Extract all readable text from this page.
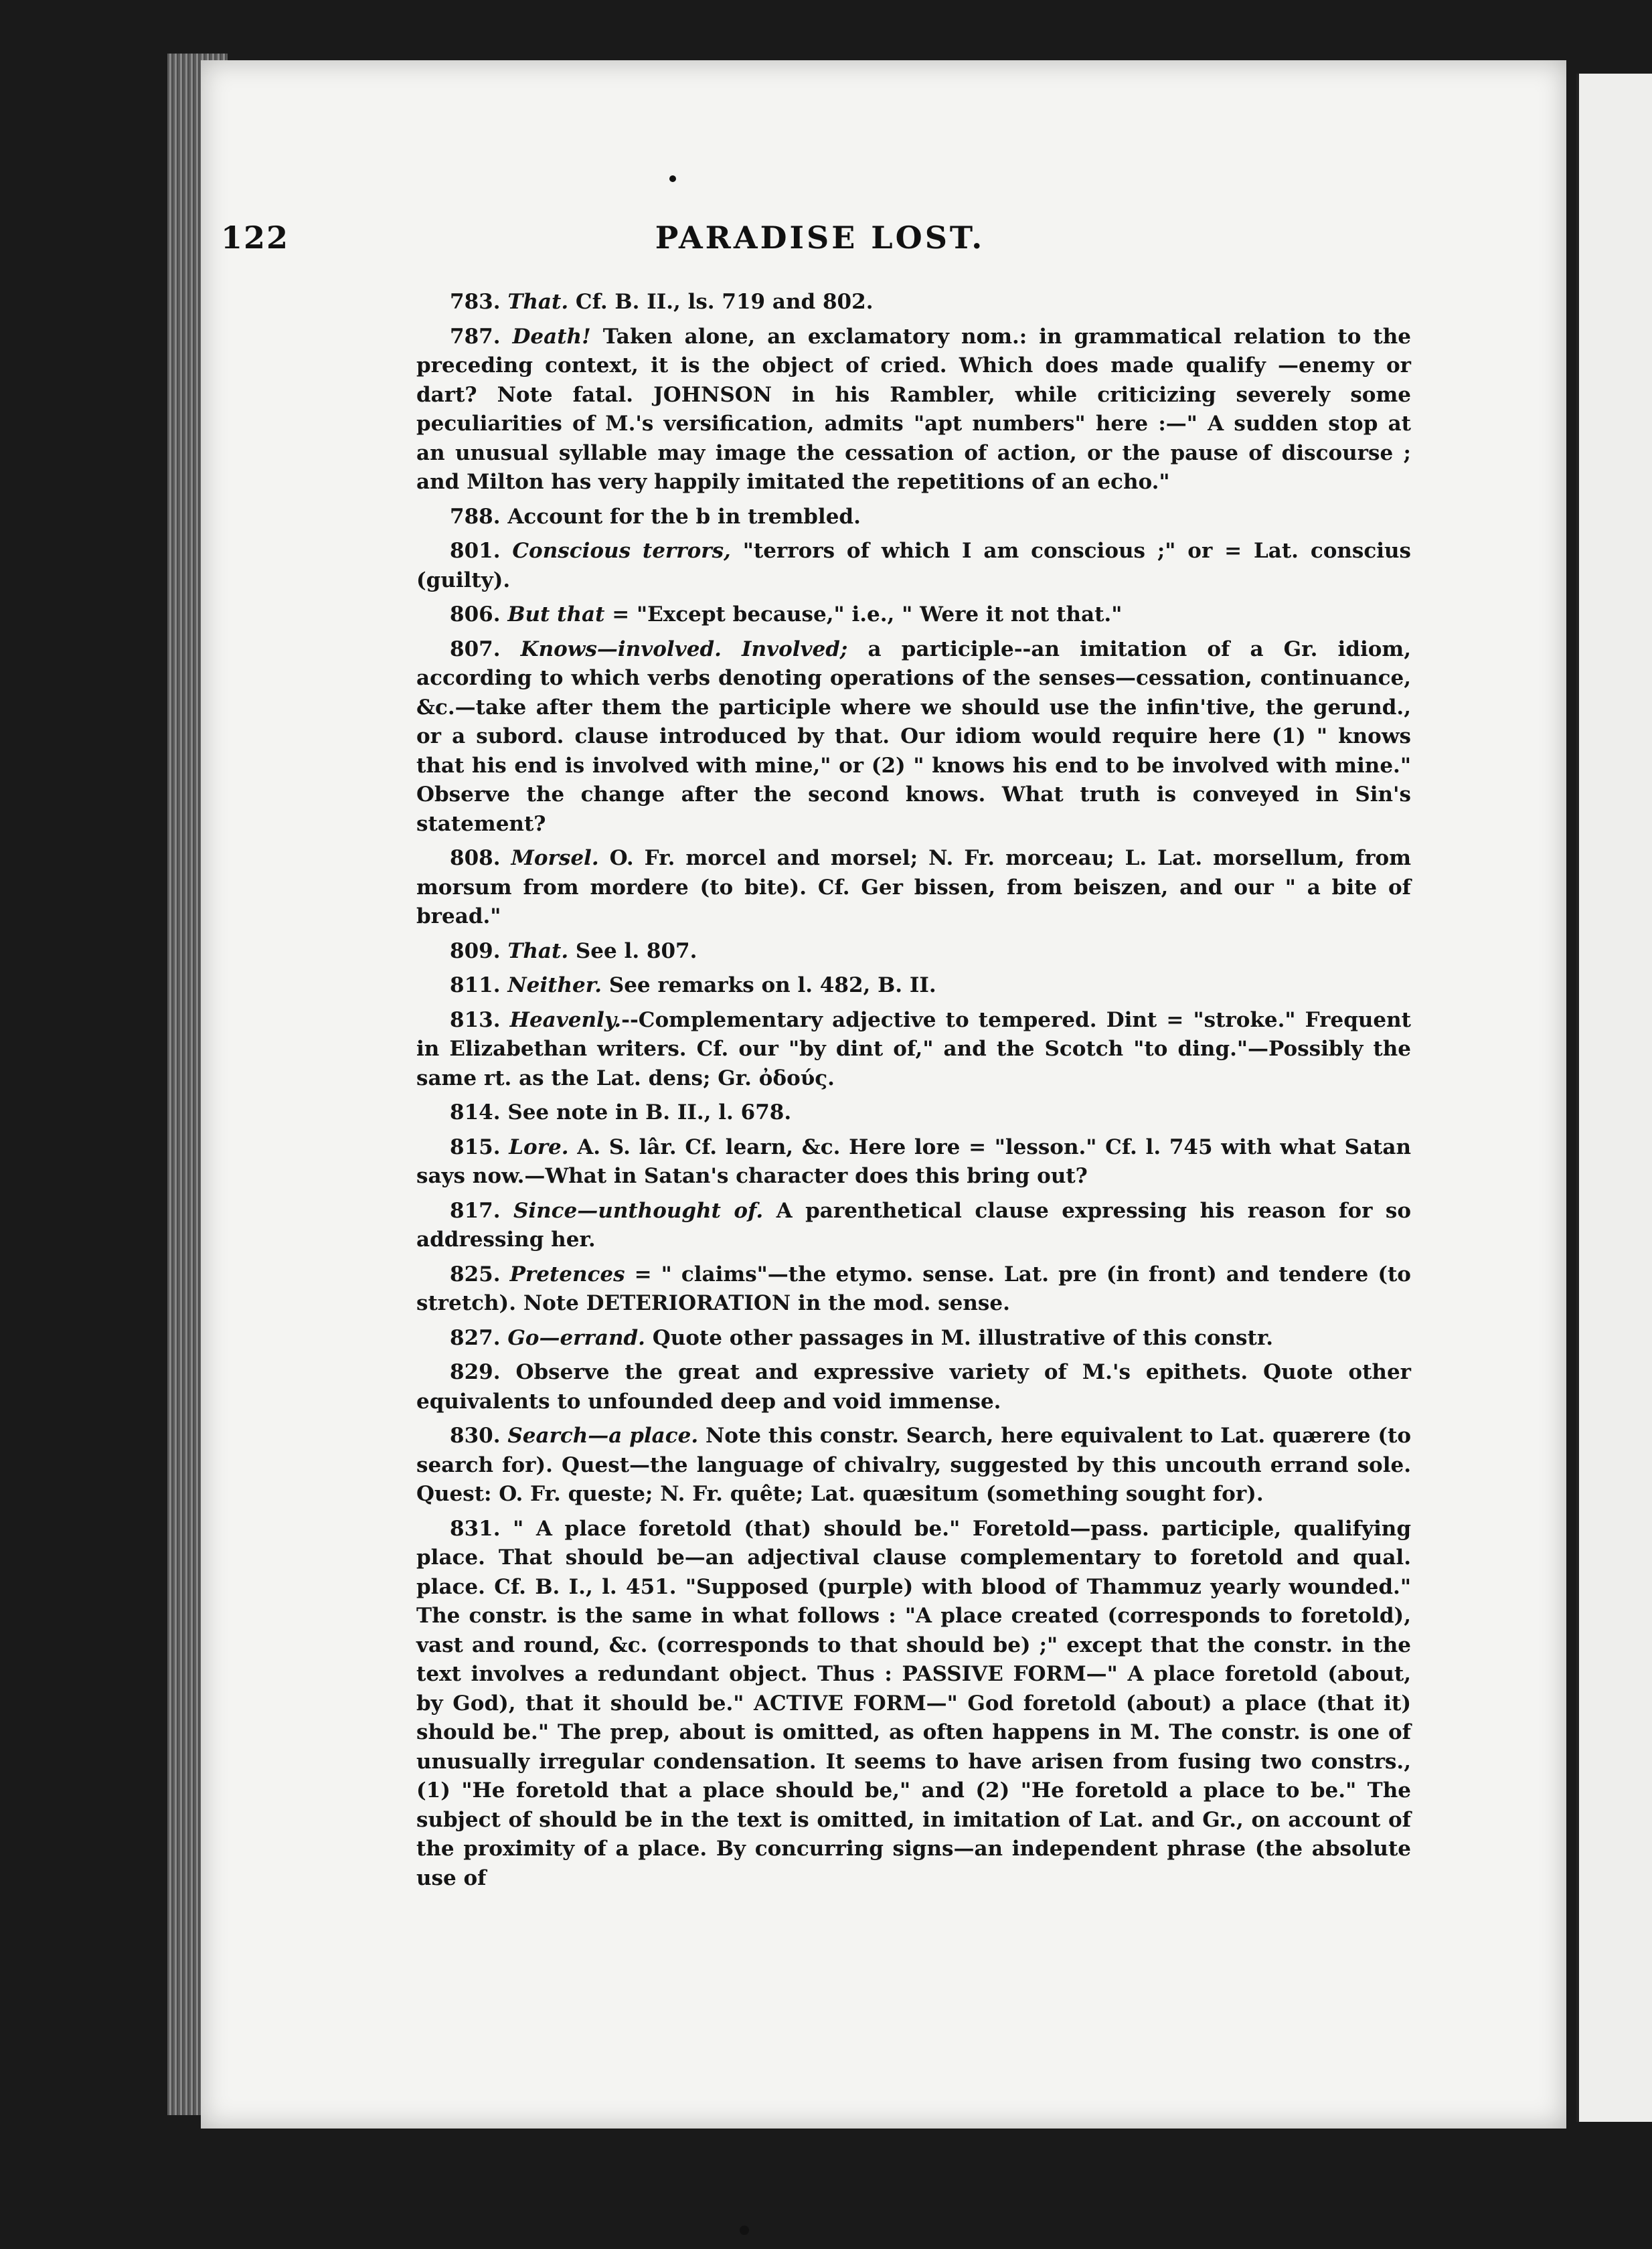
122	PARADISE LOST.

783. That. Cf. B. II., ls. 719 and 802.

787. Death! Taken alone, an exclamatory nom.: in grammatical relation to the preceding context, it is the object of cried. Which does made qualify —enemy or dart? Note fatal. JOHNSON in his Rambler, while criticizing severely some peculiarities of M.'s versification, admits "apt numbers" here :—" A sudden stop at an unusual syllable may image the cessation of action, or the pause of discourse ; and Milton has very happily imitated the repetitions of an echo."

788. Account for the b in trembled.

801. Conscious terrors, "terrors of which I am conscious ;" or = Lat. conscius (guilty).

806. But that = "Except because," i.e., " Were it not that."

807. Knows—involved. Involved; a participle--an imitation of a Gr. idiom, according to which verbs denoting operations of the senses—cessation, continuance, &c.—take after them the participle where we should use the infin'tive, the gerund., or a subord. clause introduced by that. Our idiom would require here (1) " knows that his end is involved with mine," or (2) " knows his end to be involved with mine." Observe the change after the second knows. What truth is conveyed in Sin's statement?

808. Morsel. O. Fr. morcel and morsel; N. Fr. morceau; L. Lat. morsellum, from morsum from mordere (to bite). Cf. Ger bissen, from beiszen, and our " a bite of bread."

809. That. See l. 807.

811. Neither. See remarks on l. 482, B. II.

813. Heavenly.--Complementary adjective to tempered. Dint = "stroke." Frequent in Elizabethan writers. Cf. our "by dint of," and the Scotch "to ding."—Possibly the same rt. as the Lat. dens; Gr. ὀδούς.

814. See note in B. II., l. 678.

815. Lore. A. S. lâr. Cf. learn, &c. Here lore = "lesson." Cf. l. 745 with what Satan says now.—What in Satan's character does this bring out?

817. Since—unthought of. A parenthetical clause expressing his reason for so addressing her.

825. Pretences = " claims"—the etymo. sense. Lat. pre (in front) and tendere (to stretch). Note DETERIORATION in the mod. sense.

827. Go—errand. Quote other passages in M. illustrative of this constr.

829. Observe the great and expressive variety of M.'s epithets. Quote other equivalents to unfounded deep and void immense.

830. Search—a place. Note this constr. Search, here equivalent to Lat. quærere (to search for). Quest—the language of chivalry, suggested by this uncouth errand sole. Quest: O. Fr. queste; N. Fr. quête; Lat. quæsitum (something sought for).

831. " A place foretold (that) should be." Foretold—pass. participle, qualifying place. That should be—an adjectival clause complementary to foretold and qual. place. Cf. B. I., l. 451. "Supposed (purple) with blood of Thammuz yearly wounded." The constr. is the same in what follows : "A place created (corresponds to foretold), vast and round, &c. (corresponds to that should be) ;" except that the constr. in the text involves a redundant object. Thus : PASSIVE FORM—" A place foretold (about, by God), that it should be." ACTIVE FORM—" God foretold (about) a place (that it) should be." The prep, about is omitted, as often happens in M. The constr. is one of unusually irregular condensation. It seems to have arisen from fusing two constrs., (1) "He foretold that a place should be," and (2) "He foretold a place to be." The subject of should be in the text is omitted, in imitation of Lat. and Gr., on account of the proximity of a place. By concurring signs—an independent phrase (the absolute use of
